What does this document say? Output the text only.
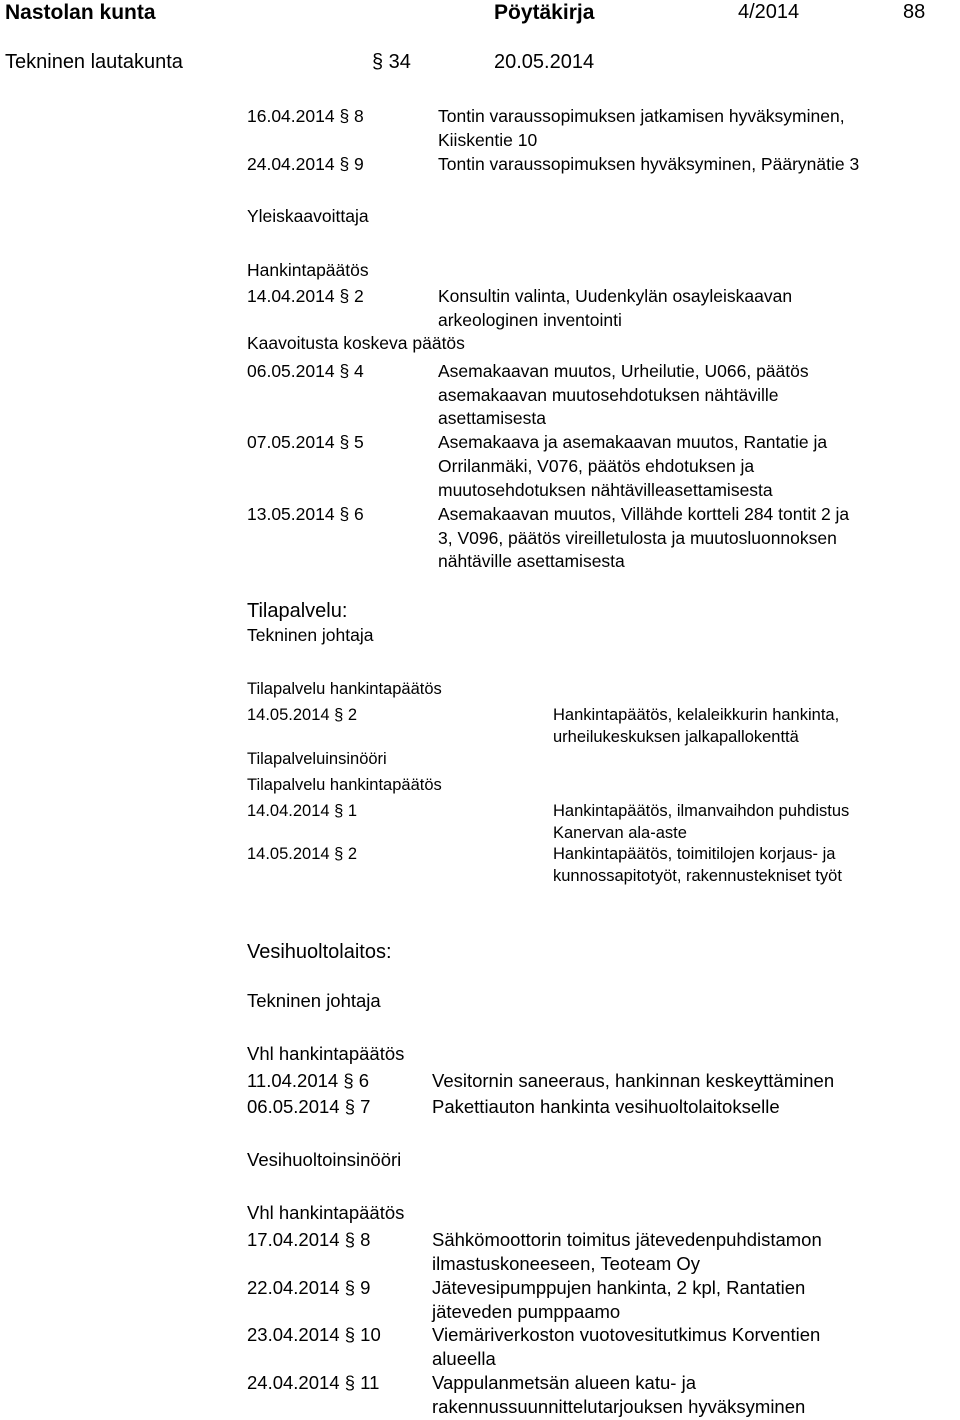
Nastolan kunta	Pöytäkirja	4/2014	88
Tekninen lautakunta	§ 34	20.05.2014
16.04.2014 § 8	Tontin varaussopimuksen jatkamisen hyväksyminen,
Kiiskentie 10
24.04.2014 § 9	Tontin varaussopimuksen hyväksyminen, Päärynätie 3
Yleiskaavoittaja
Hankintapäätös
14.04.2014 § 2	Konsultin valinta, Uudenkylän osayleiskaavan
arkeologinen inventointi
Kaavoitusta koskeva päätös
06.05.2014 § 4	Asemakaavan muutos, Urheilutie, U066, päätös
asemakaavan muutosehdotuksen nähtäville
asettamisesta
07.05.2014 § 5	Asemakaava ja asemakaavan muutos, Rantatie ja
Orrilanmäki, V076, päätös ehdotuksen ja
muutosehdotuksen nähtävilleasettamisesta
13.05.2014 § 6	Asemakaavan muutos, Villähde kortteli 284 tontit 2 ja
3, V096, päätös vireilletulosta ja muutosluonnoksen
nähtäville asettamisesta
Tilapalvelu:
Tekninen johtaja
Tilapalvelu hankintapäätös
14.05.2014 § 2	Hankintapäätös, kelaleikkurin hankinta,
urheilukeskuksen jalkapallokenttä
Tilapalveluinsinööri
Tilapalvelu hankintapäätös
14.04.2014 § 1	Hankintapäätös, ilmanvaihdon puhdistus
Kanervan ala-aste
14.05.2014 § 2	Hankintapäätös, toimitilojen korjaus- ja
kunnossapitotyöt, rakennustekniset työt
Vesihuoltolaitos:
Tekninen johtaja
Vhl hankintapäätös
11.04.2014 § 6	Vesitornin saneeraus, hankinnan keskeyttäminen
06.05.2014 § 7	Pakettiauton hankinta vesihuoltolaitokselle
Vesihuoltoinsinööri
Vhl hankintapäätös
17.04.2014 § 8	Sähkömoottorin toimitus jätevedenpuhdistamon
ilmastuskoneeseen, Teoteam Oy
22.04.2014 § 9	Jätevesipumppujen hankinta, 2 kpl, Rantatien
jäteveden pumppaamo
23.04.2014 § 10	Viemäriverkoston vuotovesitutkimus Korventien
alueella
24.04.2014 § 11	Vappulanmetsän alueen katu- ja
rakennussuunnittelutarjouksen hyväksyminen
